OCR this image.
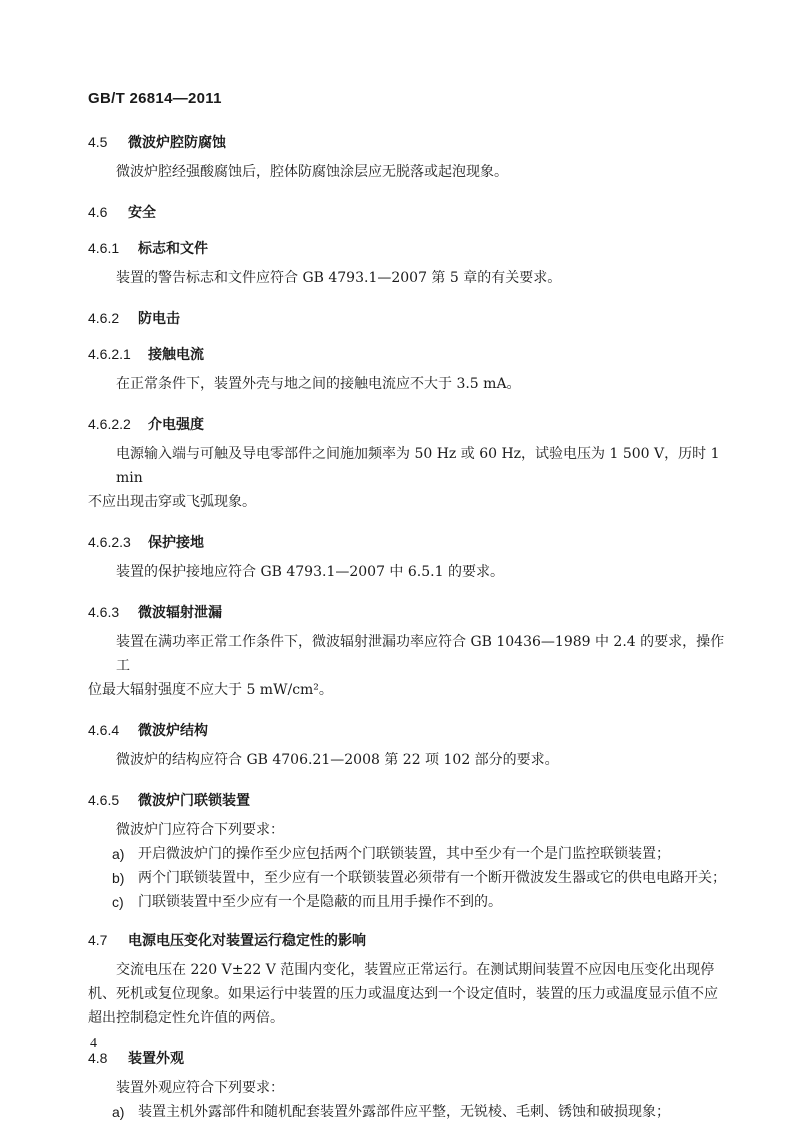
GB/T 26814—2011
4.5	微波炉腔防腐蚀

微波炉腔经强酸腐蚀后，腔体防腐蚀涂层应无脱落或起泡现象。

4.6	安全
4.6.1	标志和文件

装置的警告标志和文件应符合 GB 4793.1—2007 第 5 章的有关要求。

4.6.2	防电击
4.6.2.1	接触电流

在正常条件下，装置外壳与地之间的接触电流应不大于 3.5 mA。

4.6.2.2	介电强度

电源输入端与可触及导电零部件之间施加频率为 50 Hz 或 60 Hz，试验电压为 1 500 V，历时 1 min

不应出现击穿或飞弧现象。

4.6.2.3	保护接地

装置的保护接地应符合 GB 4793.1—2007 中 6.5.1 的要求。

4.6.3	微波辐射泄漏

装置在满功率正常工作条件下，微波辐射泄漏功率应符合 GB 10436—1989 中 2.4 的要求，操作工

位最大辐射强度不应大于 5 mW/cm²。

4.6.4	微波炉结构

微波炉的结构应符合 GB 4706.21—2008 第 22 项 102 部分的要求。

4.6.5	微波炉门联锁装置

微波炉门应符合下列要求：

a) 开启微波炉门的操作至少应包括两个门联锁装置，其中至少有一个是门监控联锁装置；
b) 两个门联锁装置中，至少应有一个联锁装置必须带有一个断开微波发生器或它的供电电路开关；
c)	门联锁装置中至少应有一个是隐蔽的而且用手操作不到的。
4.7	电源电压变化对装置运行稳定性的影响

交流电压在 220 V±22 V 范围内变化，装置应正常运行。在测试期间装置不应因电压变化出现停

机、死机或复位现象。如果运行中装置的压力或温度达到一个设定值时，装置的压力或温度显示值不应

超出控制稳定性允许值的两倍。

4.8	装置外观

装置外观应符合下列要求：

a) 装置主机外露部件和随机配套装置外露部件应平整，无锐棱、毛刺、锈蚀和破损现象；
4
